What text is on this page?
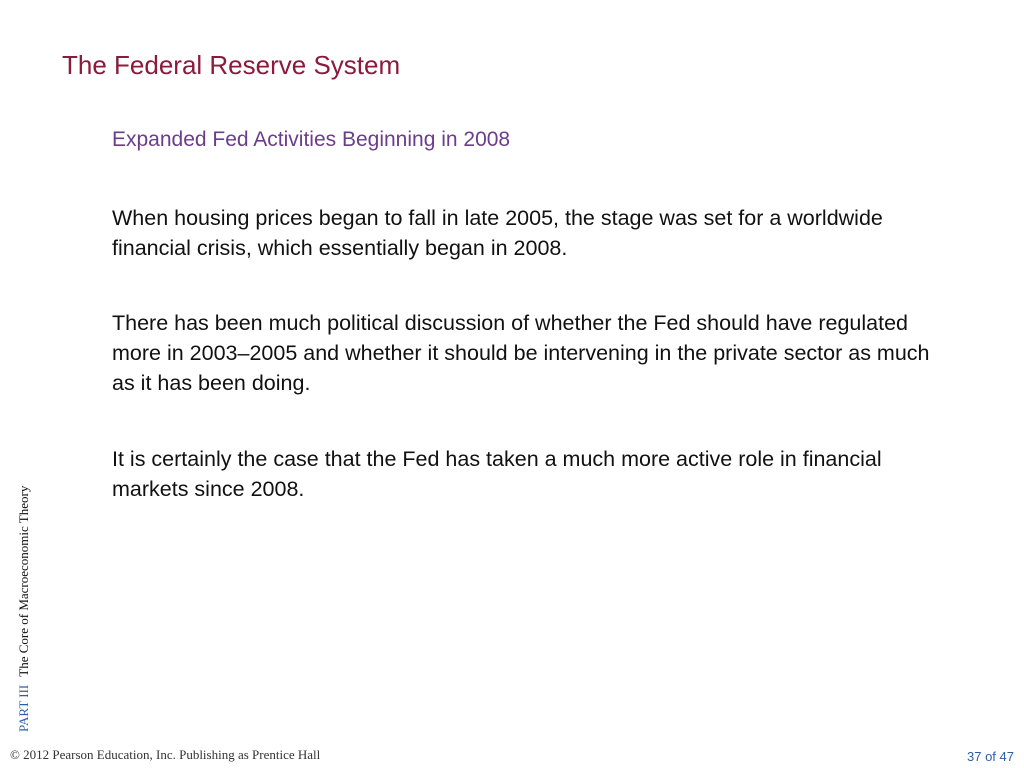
The Federal Reserve System
Expanded Fed Activities Beginning in 2008
When housing prices began to fall in late 2005, the stage was set for a worldwide financial crisis, which essentially began in 2008.
There has been much political discussion of whether the Fed should have regulated more in 2003–2005 and whether it should be intervening in the private sector as much as it has been doing.
It is certainly the case that the Fed has taken a much more active role in financial markets since 2008.
PART IIIThe Core of Macroeconomic Theory
© 2012 Pearson Education, Inc. Publishing as Prentice Hall	37 of 47
